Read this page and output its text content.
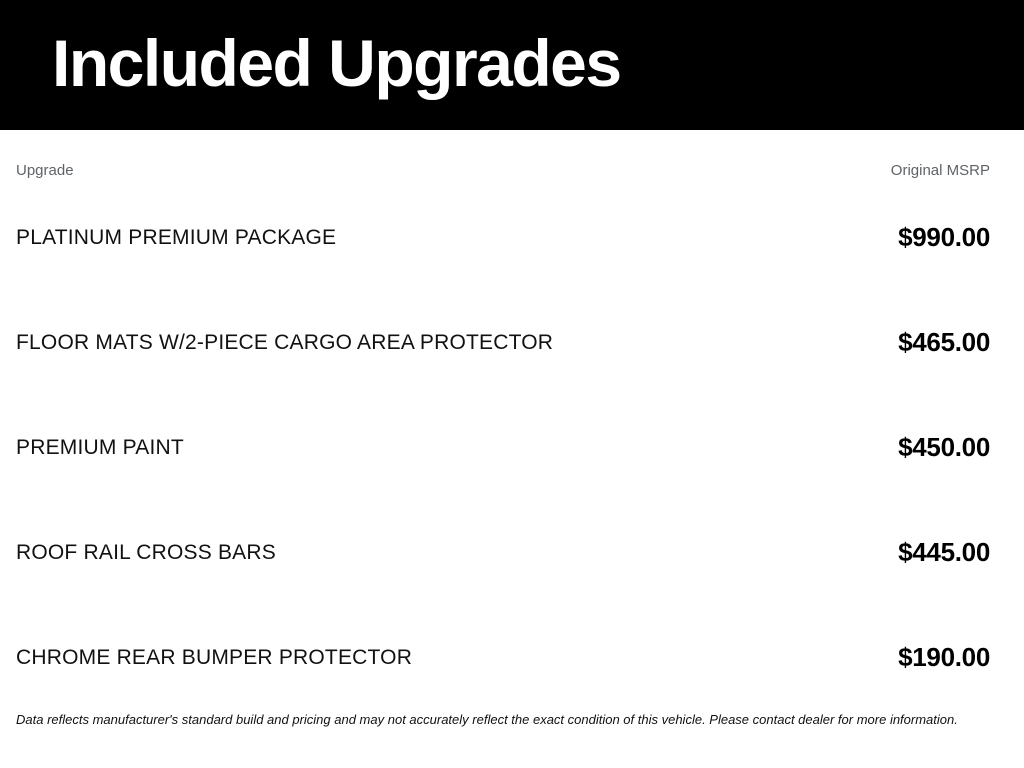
Included Upgrades
Upgrade	Original MSRP
PLATINUM PREMIUM PACKAGE	$990.00
FLOOR MATS W/2-PIECE CARGO AREA PROTECTOR	$465.00
PREMIUM PAINT	$450.00
ROOF RAIL CROSS BARS	$445.00
CHROME REAR BUMPER PROTECTOR	$190.00

Data reflects manufacturer's standard build and pricing and may not accurately reflect the exact condition of this vehicle. Please contact dealer for more information.
